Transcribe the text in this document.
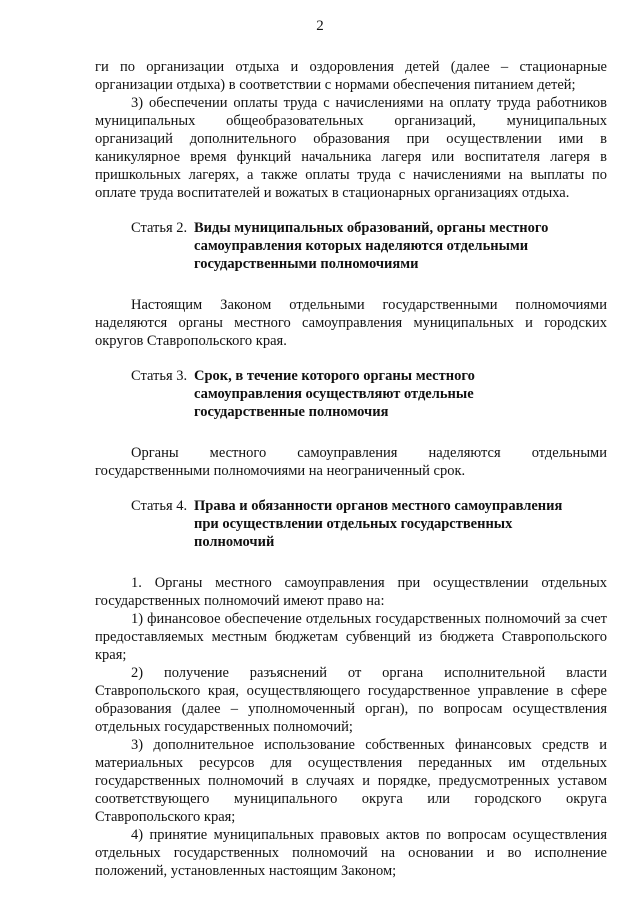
2

ги по организации отдыха и оздоровления детей (далее – стационарные организации отдыха) в соответствии с нормами обеспечения питанием детей;

3) обеспечении оплаты труда с начислениями на оплату труда работников муниципальных общеобразовательных организаций, муниципальных организаций дополнительного образования при осуществлении ими в каникулярное время функций начальника лагеря или воспитателя лагеря в пришкольных лагерях, а также оплаты труда с начислениями на выплаты по оплате труда воспитателей и вожатых в стационарных организациях отдыха.

Статья 2. Виды муниципальных образований, органы местного самоуправления которых наделяются отдельными государственными полномочиями

Настоящим Законом отдельными государственными полномочиями наделяются органы местного самоуправления муниципальных и городских округов Ставропольского края.

Статья 3. Срок, в течение которого органы местного самоуправления осуществляют отдельные государственные полномочия

Органы местного самоуправления наделяются отдельными государственными полномочиями на неограниченный срок.

Статья 4. Права и обязанности органов местного самоуправления при осуществлении отдельных государственных полномочий

1. Органы местного самоуправления при осуществлении отдельных государственных полномочий имеют право на:

1) финансовое обеспечение отдельных государственных полномочий за счет предоставляемых местным бюджетам субвенций из бюджета Ставропольского края;

2) получение разъяснений от органа исполнительной власти Ставропольского края, осуществляющего государственное управление в сфере образования (далее – уполномоченный орган), по вопросам осуществления отдельных государственных полномочий;

3) дополнительное использование собственных финансовых средств и материальных ресурсов для осуществления переданных им отдельных государственных полномочий в случаях и порядке, предусмотренных уставом соответствующего муниципального округа или городского округа Ставропольского края;

4) принятие муниципальных правовых актов по вопросам осуществления отдельных государственных полномочий на основании и во исполнение положений, установленных настоящим Законом;
